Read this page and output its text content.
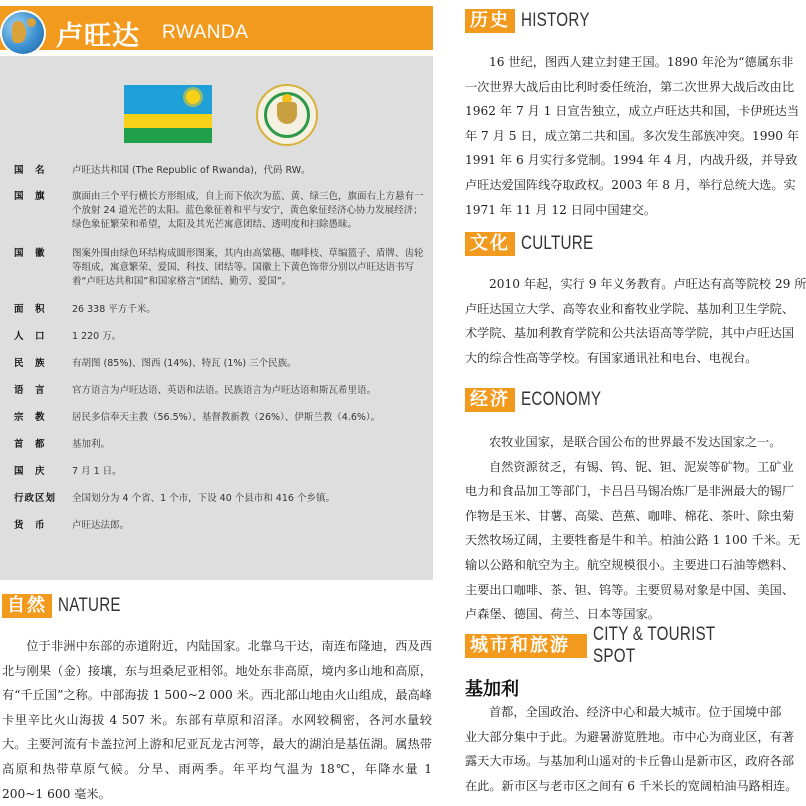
卢旺达 RWANDA
国　名	卢旺达共和国 (The Republic of Rwanda)，代码 RW。
国　旗	旗面由三个平行横长方形组成，自上而下依次为蓝、黄、绿三色，旗面右上方悬有一个放射 24 道光芒的太阳。蓝色象征着和平与安宁，黄色象征经济心协力发展经济；绿色象征繁荣和希望，太阳及其光芒寓意团结、透明度和扫除愚昧。
国　徽	图案外围由绿色环结构成圆形图案，其内由高粱穗、咖啡枝、草编篮子、盾牌、齿轮等组成，寓意繁荣、爱国、科技、团结等。国徽上下黄色饰带分别以卢旺达语书写着“卢旺达共和国”和国家格言“团结、勤劳、爱国”。
面　积	26 338 平方千米。
人　口	1 220 万。
民　族	有胡图 (85%)、图西 (14%)、特瓦 (1%) 三个民族。
语　言	官方语言为卢旺达语、英语和法语。民族语言为卢旺达语和斯瓦希里语。
宗　教	居民多信奉天主教（56.5%）、基督教新教（26%）、伊斯兰教（4.6%）。
首　都	基加利。
国　庆	7 月 1 日。
行政区划	全国划分为 4 个省、1 个市，下设 40 个县市和 416 个乡镇。
货　币	卢旺达法郎。
自然 NATURE

位于非洲中东部的赤道附近，内陆国家。北靠乌干达，南连布隆迪，西及西北与刚果（金）接壤，东与坦桑尼亚相邻。地处东非高原，境内多山地和高原，有“千丘国”之称。中部海拔 1 500~2 000 米。西北部山地由火山组成，最高峰卡里辛比火山海拔 4 507 米。东部有草原和沼泽。水网较稠密，各河水量较大。主要河流有卡盖拉河上游和尼亚瓦龙古河等，最大的湖泊是基伍湖。属热带高原和热带草原气候。分旱、雨两季。年平均气温为 18℃，年降水量 1 200~1 600 毫米。

历史 HISTORY
16 世纪，图西人建立封建王国。1890 年沦为“德属东非
一次世界大战后由比利时委任统治，第二次世界大战后改由比
1962 年 7 月 1 日宣告独立，成立卢旺达共和国，卡伊班达当
年 7 月 5 日，成立第二共和国。多次发生部族冲突。1990 年
1991 年 6 月实行多党制。1994 年 4 月，内战升级，并导致
卢旺达爱国阵线夺取政权。2003 年 8 月，举行总统大选。实
1971 年 11 月 12 日同中国建交。
文化 CULTURE
2010 年起，实行 9 年义务教育。卢旺达有高等院校 29 所
卢旺达国立大学、高等农业和畜牧业学院、基加利卫生学院、
术学院、基加利教育学院和公共法语高等学院，其中卢旺达国
大的综合性高等学校。有国家通讯社和电台、电视台。
经济 ECONOMY
农牧业国家，是联合国公布的世界最不发达国家之一。
自然资源贫乏，有锡、钨、铌、钽、泥炭等矿物。工矿业
电力和食品加工等部门，卡吕吕马锡冶炼厂是非洲最大的锡厂
作物是玉米、甘薯、高粱、芭蕉、咖啡、棉花、茶叶、除虫菊
天然牧场辽阔，主要牲畜是牛和羊。柏油公路 1 100 千米。无
输以公路和航空为主。航空规模很小。主要进口石油等燃料、
主要出口咖啡、茶、钽、钨等。主要贸易对象是中国、美国、
卢森堡、德国、荷兰、日本等国家。
城市和旅游地
CITY & TOURIST SPOT
基加利
首都，全国政治、经济中心和最大城市。位于国境中部
业大部分集中于此。为避暑游览胜地。市中心为商业区，有著
露天大市场。与基加利山遥对的卡丘鲁山是新市区，政府各部
在此。新市区与老市区之间有 6 千米长的宽阔柏油马路相连。
